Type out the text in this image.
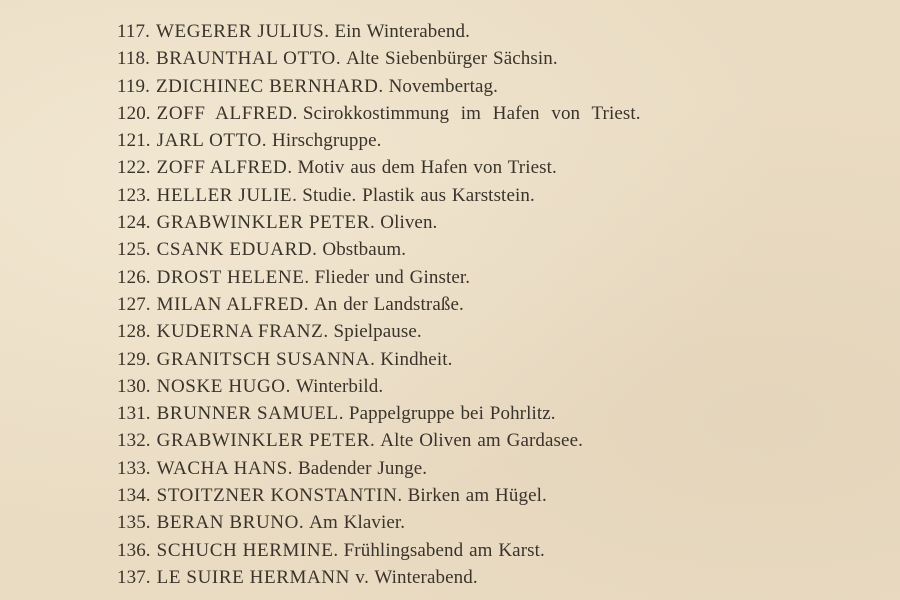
117. WEGERER JULIUS. Ein Winterabend.
118. BRAUNTHAL OTTO. Alte Siebenbürger Sächsin.
119. ZDICHINEC BERNHARD. Novembertag.
120. ZOFF  ALFRED. Scirokkostimmung  im  Hafen  von  Triest.
121. JARL OTTO. Hirschgruppe.
122. ZOFF ALFRED. Motiv aus dem Hafen von Triest.
123. HELLER JULIE. Studie. Plastik aus Karststein.
124. GRABWINKLER PETER. Oliven.
125. CSANK EDUARD. Obstbaum.
126. DROST HELENE. Flieder und Ginster.
127. MILAN ALFRED. An der Landstraße.
128. KUDERNA FRANZ. Spielpause.
129. GRANITSCH SUSANNA. Kindheit.
130. NOSKE HUGO. Winterbild.
131. BRUNNER SAMUEL. Pappelgruppe bei Pohrlitz.
132. GRABWINKLER PETER. Alte Oliven am Gardasee.
133. WACHA HANS. Badender Junge.
134. STOITZNER KONSTANTIN. Birken am Hügel.
135. BERAN BRUNO. Am Klavier.
136. SCHUCH HERMINE. Frühlingsabend am Karst.
137. LE SUIRE HERMANN v. Winterabend.
